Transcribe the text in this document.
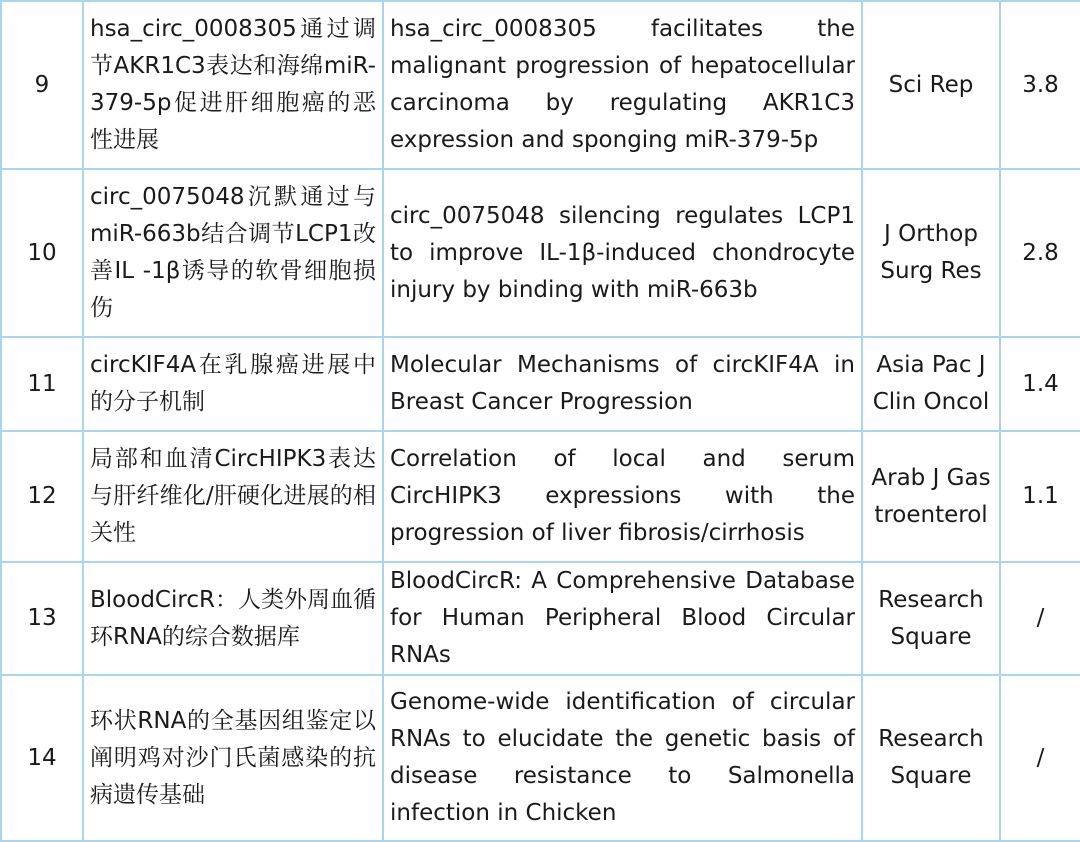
9	hsa_circ_0008305通过调节AKR1C3表达和海绵miR-379-5p促进肝细胞癌的恶性进展	hsa_circ_0008305 facilitates the malignant progression of hepatocellular carcinoma by regulating AKR1C3 expression and sponging miR-379-5p	Sci Rep	3.8
10	circ_0075048沉默通过与miR-663b结合调节LCP1改善IL -1β诱导的软骨细胞损伤	circ_0075048 silencing regulates LCP1 to improve IL-1β-induced chondrocyte injury by binding with miR-663b	J Orthop Surg Res	2.8
11	circKIF4A在乳腺癌进展中的分子机制	Molecular Mechanisms of circKIF4A in Breast Cancer Progression	Asia Pac J Clin Oncol	1.4
12	局部和血清CircHIPK3表达与肝纤维化/肝硬化进展的相关性	Correlation of local and serum CircHIPK3 expressions with the progression of liver fibrosis/cirrhosis	Arab J Gastroenterol	1.1
13	BloodCircR：人类外周血循环RNA的综合数据库	BloodCircR: A Comprehensive Database for Human Peripheral Blood Circular RNAs	Research Square	/
14	环状RNA的全基因组鉴定以阐明鸡对沙门氏菌感染的抗病遗传基础	Genome-wide identification of circular RNAs to elucidate the genetic basis of disease resistance to Salmonella infection in Chicken	Research Square	/
